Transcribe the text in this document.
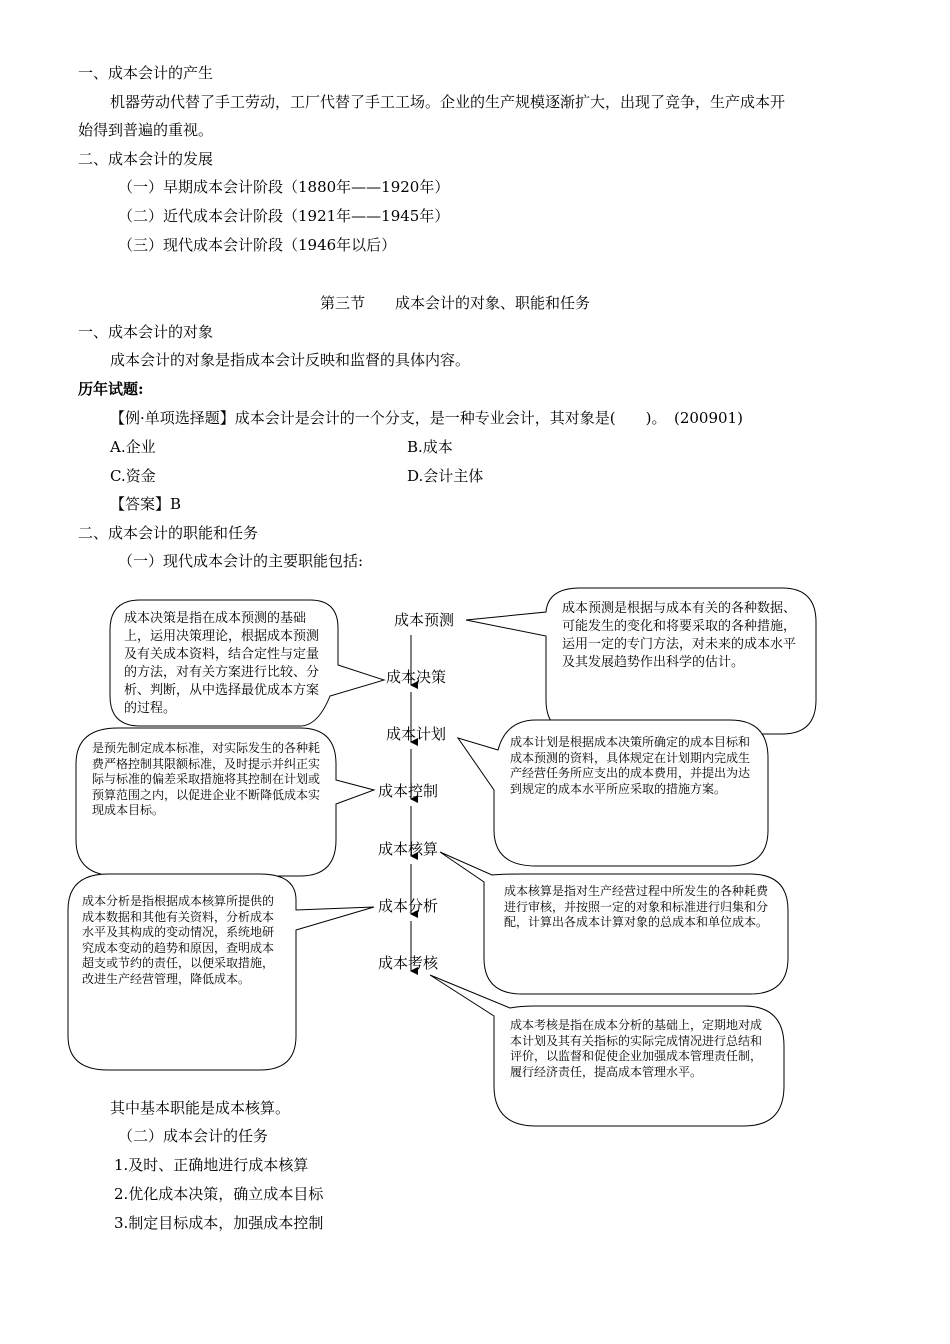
一、成本会计的产生
机器劳动代替了手工劳动，工厂代替了手工工场。企业的生产规模逐渐扩大，出现了竞争，生产成本开
始得到普遍的重视。
二、成本会计的发展
（一）早期成本会计阶段（1880年——1920年）
（二）近代成本会计阶段（1921年——1945年）
（三）现代成本会计阶段（1946年以后）
第三节　　成本会计的对象、职能和任务
一、成本会计的对象
成本会计的对象是指成本会计反映和监督的具体内容。
历年试题:
【例·单项选择题】成本会计是会计的一个分支，是一种专业会计，其对象是(　　)。　(200901)
A.企业	B.成本
C.资金	D.会计主体
【答案】B
二、成本会计的职能和任务
（一）现代成本会计的主要职能包括:
成本预测
成本决策
成本计划
成本控制
成本核算
成本分析
成本考核
成本决策是指在成本预测的基础上，运用决策理论，根据成本预测及有关成本资料，结合定性与定量的方法，对有关方案进行比较、分析、判断，从中选择最优成本方案的过程。
成本预测是根据与成本有关的各种数据、可能发生的变化和将要采取的各种措施，运用一定的专门方法，对未来的成本水平及其发展趋势作出科学的估计。
是预先制定成本标准，对实际发生的各种耗费严格控制其限额标准，及时提示并纠正实际与标准的偏差采取措施将其控制在计划或预算范围之内，以促进企业不断降低成本实现成本目标。
成本计划是根据成本决策所确定的成本目标和成本预测的资料，具体规定在计划期内完成生产经营任务所应支出的成本费用，并提出为达到规定的成本水平所应采取的措施方案。
成本分析是指根据成本核算所提供的成本数据和其他有关资料，分析成本水平及其构成的变动情况，系统地研究成本变动的趋势和原因，查明成本超支或节约的责任，以便采取措施，改进生产经营管理，降低成本。
成本核算是指对生产经营过程中所发生的各种耗费进行审核，并按照一定的对象和标准进行归集和分配，计算出各成本计算对象的总成本和单位成本。
成本考核是指在成本分析的基础上，定期地对成本计划及其有关指标的实际完成情况进行总结和评价，以监督和促使企业加强成本管理责任制，履行经济责任，提高成本管理水平。
其中基本职能是成本核算。
（二）成本会计的任务
1.及时、正确地进行成本核算
2.优化成本决策，确立成本目标
3.制定目标成本，加强成本控制
